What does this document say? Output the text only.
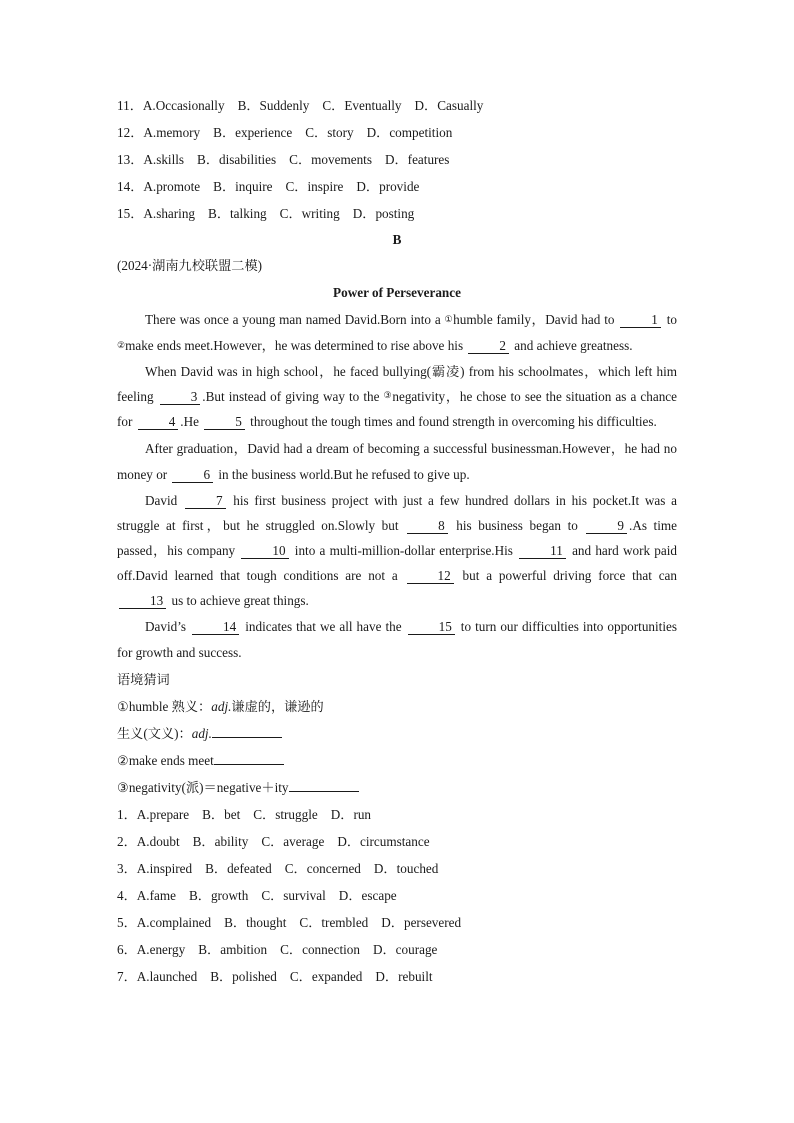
11．A.Occasionally B．Suddenly C．Eventually D．Casually
12．A.memory B．experience C．story D．competition
13．A.skills B．disabilities C．movements D．features
14．A.promote B．inquire C．inspire D．provide
15．A.sharing B．talking C．writing D．posting
B
(2024·湖南九校联盟二模)
Power of Perseverance
There was once a young man named David.Born into a ①humble family，David had to	1 to ②make ends meet.However，he was determined to rise above his	2 and achieve greatness.
When David was in high school，he faced bullying(霸凌) from his schoolmates，which left him feeling	3 .But instead of giving way to the ③negativity，he chose to see the situation as a chance for	4 .He	5 throughout the tough times and found strength in overcoming his difficulties.
After graduation，David had a dream of becoming a successful businessman.However，he had no money or	6 in the business world.But he refused to give up.
David	7 his first business project with just a few hundred dollars in his pocket.It was a struggle at first，but he struggled on.Slowly but	8 his business began to	9 .As time passed，his company	10 into a multi-million-dollar enterprise.His	11 and hard work paid off.David learned that tough conditions are not a	12 but a powerful driving force that can 13 us to achieve great things.
David’s	14 indicates that we all have the	15 to turn our difficulties into opportunities for growth and success.
语境猜词
①humble 熟义：adj.谦虚的，谦逊的
生义(文义)：adj.
②make ends meet
③negativity(派)＝negative＋ity
1．A.prepare B．bet C．struggle D．run
2．A.doubt B．ability C．average D．circumstance
3．A.inspired B．defeated C．concerned D．touched
4．A.fame B．growth C．survival D．escape
5．A.complained B．thought C．trembled D．persevered
6．A.energy B．ambition C．connection D．courage
7．A.launched B．polished C．expanded D．rebuilt
